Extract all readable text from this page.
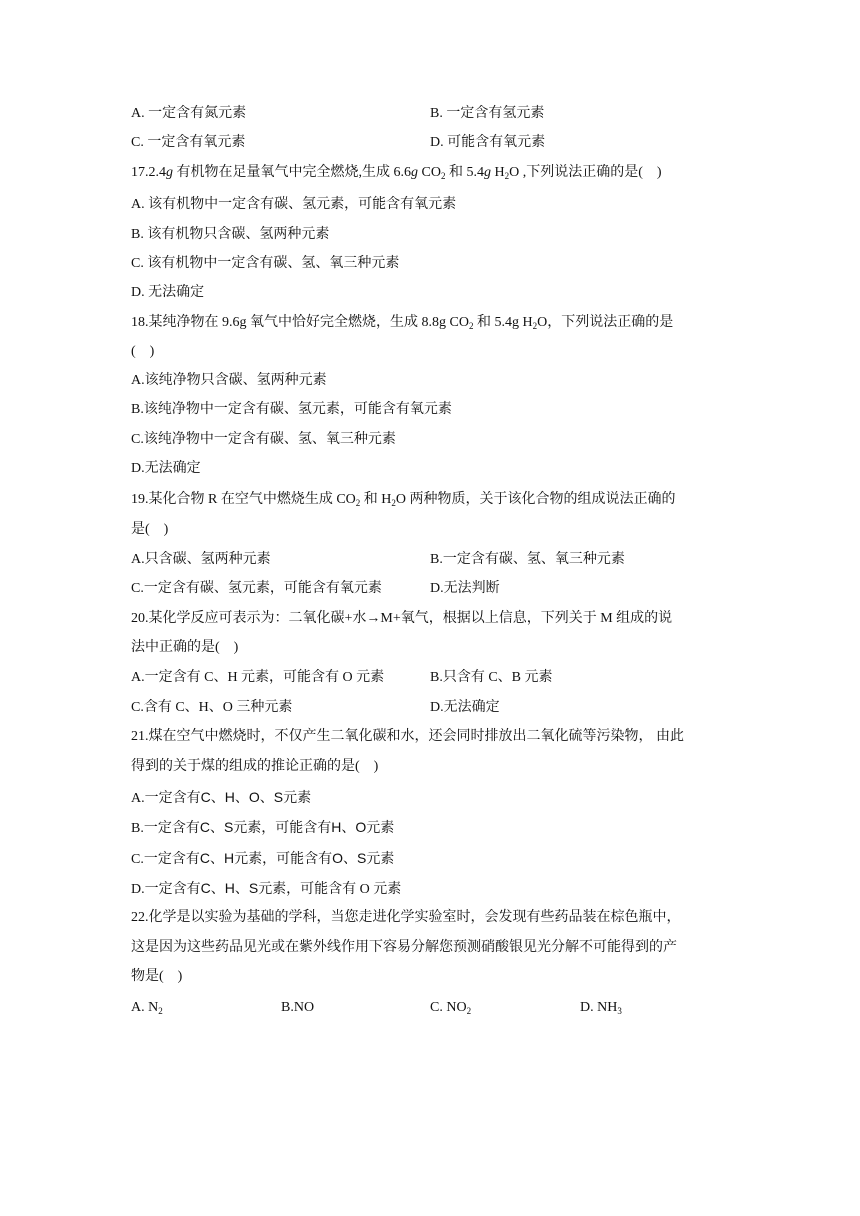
A. 一定含有氮元素	B. 一定含有氢元素
C. 一定含有氧元素	D. 可能含有氧元素
17.2.4g 有机物在足量氧气中完全燃烧,生成 6.6g $CO_2$ 和 5.4g $H_2O$ ,下列说法正确的是(　)
A. 该有机物中一定含有碳、氢元素，可能含有氧元素
B. 该有机物只含碳、氢两种元素
C. 该有机物中一定含有碳、氢、氧三种元素
D. 无法确定
18.某纯净物在 9.6g 氧气中恰好完全燃烧，生成 8.8g $CO_2$ 和 5.4g $H_2O$，下列说法正确的是
(　)
A.该纯净物只含碳、氢两种元素
B.该纯净物中一定含有碳、氢元素，可能含有氧元素
C.该纯净物中一定含有碳、氢、氧三种元素
D.无法确定
19.某化合物 R 在空气中燃烧生成 $CO_2$ 和 $H_2O$ 两种物质，关于该化合物的组成说法正确的
是(　)
A.只含碳、氢两种元素	B.一定含有碳、氢、氧三种元素
C.一定含有碳、氢元素，可能含有氧元素	D.无法判断
20.某化学反应可表示为：二氧化碳+水→M+氧气，根据以上信息，下列关于 M 组成的说
法中正确的是(　)
A.一定含有 C、H 元素，可能含有 O 元素	B.只含有 C、B 元素
C.含有 C、H、O 三种元素	D.无法确定
21.煤在空气中燃烧时，不仅产生二氧化碳和水，还会同时排放出二氧化硫等污染物， 由此
得到的关于煤的组成的推论正确的是(　)
A.一定含有C、H、O、S元素
B.一定含有C、S元素，可能含有H、O元素
C.一定含有C、H元素，可能含有O、S元素
D.一定含有C、H、S元素，可能含有 O 元素
22.化学是以实验为基础的学科，当您走进化学实验室时，会发现有些药品装在棕色瓶中，
这是因为这些药品见光或在紫外线作用下容易分解您预测硝酸银见光分解不可能得到的产
物是(　)
A. $N_2$	B.NO	C. $NO_2$	D. $NH_3$
